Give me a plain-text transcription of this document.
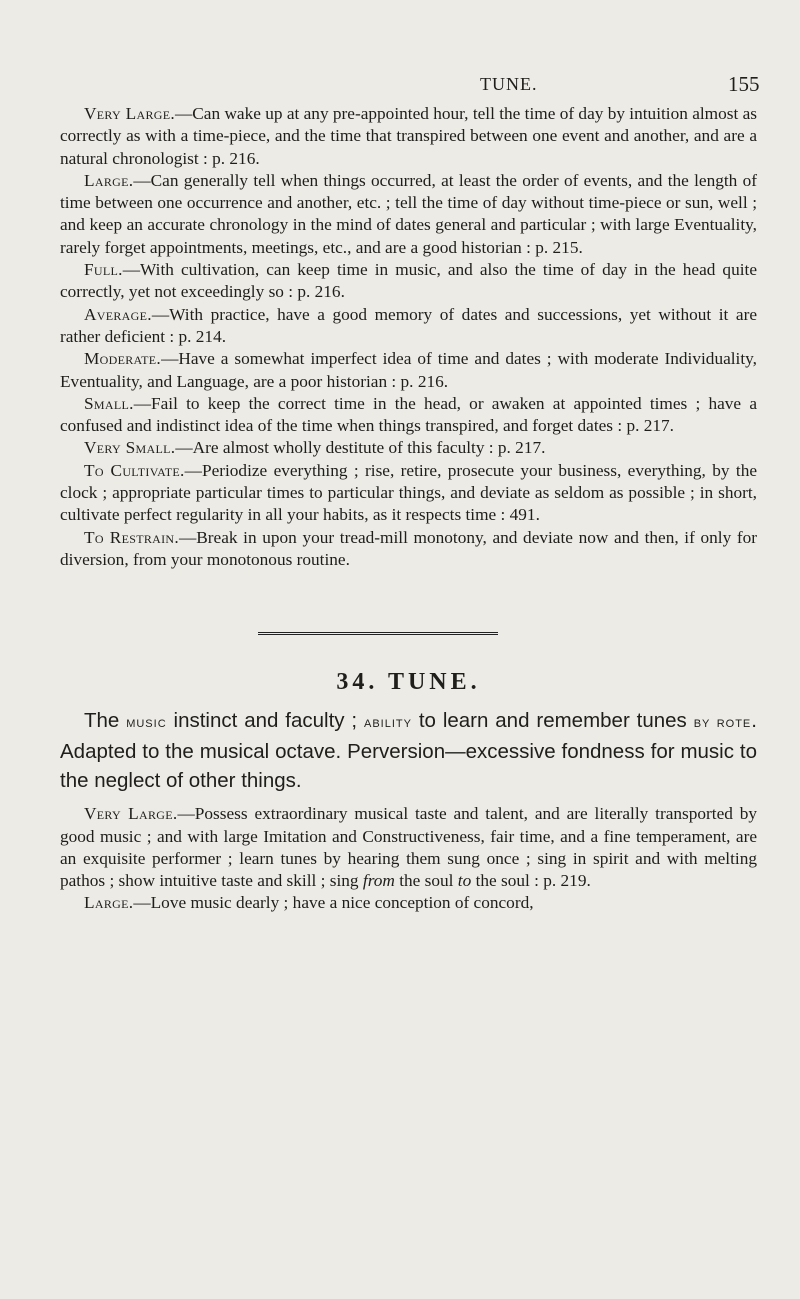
TUNE.	155

Very Large.—Can wake up at any pre-appointed hour, tell the time of day by intuition almost as correctly as with a time-piece, and the time that transpired between one event and another, and are a natural chronologist : p. 216.

Large.—Can generally tell when things occurred, at least the order of events, and the length of time between one occurrence and another, etc. ; tell the time of day without time-piece or sun, well ; and keep an accurate chronology in the mind of dates general and particular ; with large Eventuality, rarely forget appointments, meetings, etc., and are a good historian : p. 215.

Full.—With cultivation, can keep time in music, and also the time of day in the head quite correctly, yet not exceedingly so : p. 216.

Average.—With practice, have a good memory of dates and successions, yet without it are rather deficient : p. 214.

Moderate.—Have a somewhat imperfect idea of time and dates ; with moderate Individuality, Eventuality, and Language, are a poor historian : p. 216.

Small.—Fail to keep the correct time in the head, or awaken at appointed times ; have a confused and indistinct idea of the time when things transpired, and forget dates : p. 217.

Very Small.—Are almost wholly destitute of this faculty : p. 217.

To Cultivate.—Periodize everything ; rise, retire, prosecute your business, everything, by the clock ; appropriate particular times to particular things, and deviate as seldom as possible ; in short, cultivate perfect regularity in all your habits, as it respects time : 491.

To Restrain.—Break in upon your tread-mill monotony, and deviate now and then, if only for diversion, from your monotonous routine.

34. TUNE.

The music instinct and faculty ; ability to learn and remember tunes by rote. Adapted to the musical octave. Perversion—excessive fondness for music to the neglect of other things.

Very Large.—Possess extraordinary musical taste and talent, and are literally transported by good music ; and with large Imitation and Constructiveness, fair time, and a fine temperament, are an exquisite performer ; learn tunes by hearing them sung once ; sing in spirit and with melting pathos ; show intuitive taste and skill ; sing from the soul to the soul : p. 219.

Large.—Love music dearly ; have a nice conception of concord,
